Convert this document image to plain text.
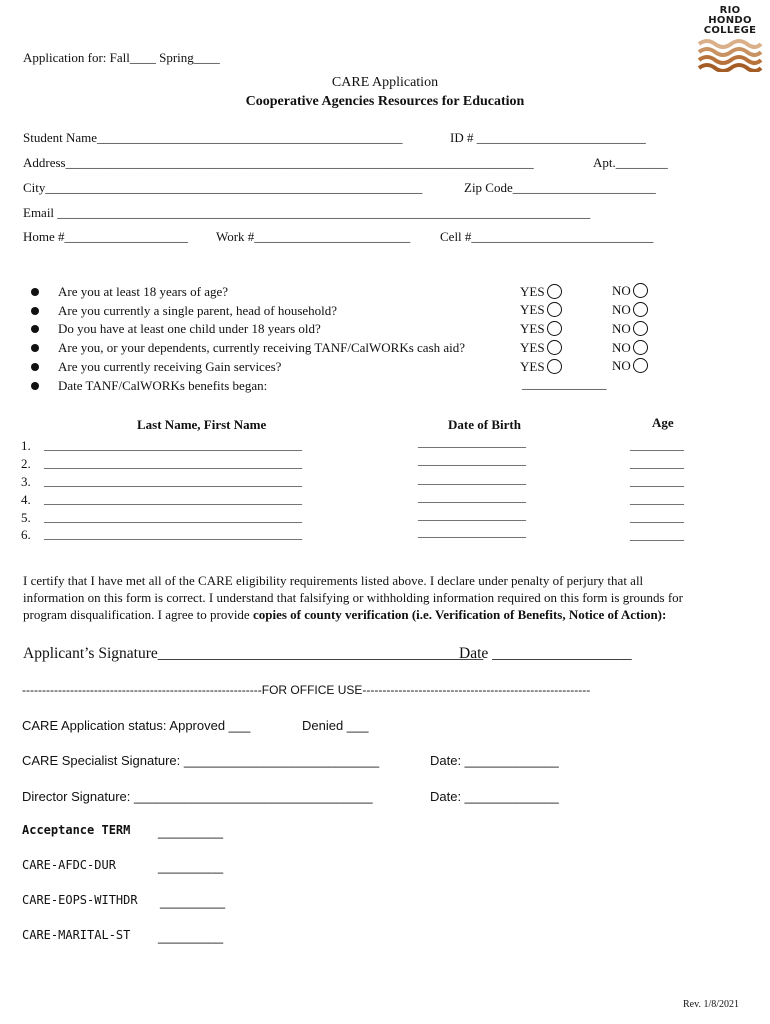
RIO
HONDO
COLLEGE
Application for: Fall____ Spring____
CARE Application
Cooperative Agencies Resources for Education
Student Name_______________________________________________	ID # __________________________
Address________________________________________________________________________	Apt.________
City__________________________________________________________	Zip Code______________________
Email __________________________________________________________________________________
Home #___________________ Work #________________________ Cell #____________________________
Are you at least 18 years of age?	YES	NO
Are you currently a single parent, head of household?	YES	NO
Do you have at least one child under 18 years old?	YES	NO
Are you, or your dependents, currently receiving TANF/CalWORKs cash aid?	YES	NO
Are you currently receiving Gain services?	YES	NO
Date TANF/CalWORKs benefits began:	_____________
Last Name, First Name	Date of Birth	Age
1. ___________________________________________	__________________	_________
2. ___________________________________________	__________________	_________
3. ___________________________________________	__________________	_________
4. ___________________________________________	__________________	_________
5. ___________________________________________	__________________	_________
6. ___________________________________________	__________________	_________
I certify that I have met all of the CARE eligibility requirements listed above. I declare under penalty of perjury that all
information on this form is correct. I understand that falsifying or withholding information required on this form is grounds for
program disqualification. I agree to provide copies of county verification (i.e. Verification of Benefits, Notice of Action):
Applicant’s Signature__________________________________________
Date __________________
------------------------------------------------------------FOR OFFICE USE---------------------------------------------------------
CARE Application status: Approved ___	Denied ___
CARE Specialist Signature: ___________________________	Date: _____________
Director Signature: _________________________________	Date: _____________
Acceptance TERM _________
CARE-AFDC-DUR	_________
CARE-EOPS-WITHDR _________
CARE-MARITAL-ST _________
Rev. 1/8/2021
